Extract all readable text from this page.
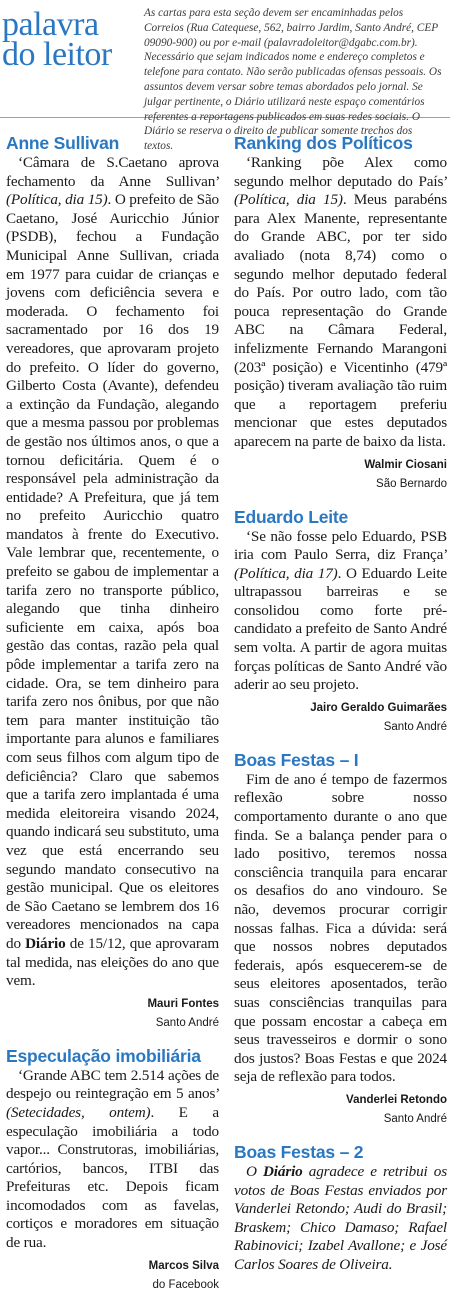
palavra
do leitor
As cartas para esta seção devem ser encaminhadas pelos Correios (Rua Catequese, 562, bairro Jardim, Santo André, CEP 09090-900) ou por e-mail (palavradoleitor@dgabc.com.br). Necessário que sejam indicados nome e endereço completos e telefone para contato. Não serão publicadas ofensas pessoais. Os assuntos devem versar sobre temas abordados pelo jornal. Se julgar pertinente, o Diário utilizará neste espaço comentários referentes a reportagens publicados em suas redes sociais. O Diário se reserva o direito de publicar somente trechos dos textos.
Anne Sullivan

‘Câmara de S.Caetano aprova fechamento da Anne Sullivan’ (Política, dia 15). O prefeito de São Caetano, José Auricchio Júnior (PSDB), fechou a Fundação Municipal Anne Sullivan, criada em 1977 para cuidar de crianças e jovens com deficiência severa e moderada. O fechamento foi sacramentado por 16 dos 19 vereadores, que aprovaram projeto do prefeito. O líder do governo, Gilberto Costa (Avante), defendeu a extinção da Fundação, alegando que a mesma passou por problemas de gestão nos últimos anos, o que a tornou deficitária. Quem é o responsável pela administração da entidade? A Prefeitura, que já tem no prefeito Auricchio quatro mandatos à frente do Executivo. Vale lembrar que, recentemente, o prefeito se gabou de implementar a tarifa zero no transporte público, alegando que tinha dinheiro suficiente em caixa, após boa gestão das contas, razão pela qual pôde implementar a tarifa zero na cidade. Ora, se tem dinheiro para tarifa zero nos ônibus, por que não tem para manter instituição tão importante para alunos e familiares com seus filhos com algum tipo de deficiência? Claro que sabemos que a tarifa zero implantada é uma medida eleitoreira visando 2024, quando indicará seu substituto, uma vez que está encerrando seu segundo mandato consecutivo na gestão municipal. Que os eleitores de São Caetano se lembrem dos 16 vereadores mencionados na capa do Diário de 15/12, que aprovaram tal medida, nas eleições do ano que vem.

Mauri Fontes
Santo André
Especulação imobiliária

‘Grande ABC tem 2.514 ações de despejo ou reintegração em 5 anos’ (Setecidades, ontem). E a especulação imobiliária a todo vapor... Construtoras, imobiliárias, cartórios, bancos, ITBI das Prefeituras etc. Depois ficam incomodados com as favelas, cortiços e moradores em situação de rua.

Marcos Silva
do Facebook
Ranking dos Políticos

‘Ranking põe Alex como segundo melhor deputado do País’ (Política, dia 15). Meus parabéns para Alex Manente, representante do Grande ABC, por ter sido avaliado (nota 8,74) como o segundo melhor deputado federal do País. Por outro lado, com tão pouca representação do Grande ABC na Câmara Federal, infelizmente Fernando Marangoni (203ª posição) e Vicentinho (479ª posição) tiveram avaliação tão ruim que a reportagem preferiu mencionar que estes deputados aparecem na parte de baixo da lista.

Walmir Ciosani
São Bernardo
Eduardo Leite

‘Se não fosse pelo Eduardo, PSB iria com Paulo Serra, diz França’ (Política, dia 17). O Eduardo Leite ultrapassou barreiras e se consolidou como forte pré-candidato a prefeito de Santo André sem volta. A partir de agora muitas forças políticas de Santo André vão aderir ao seu projeto.

Jairo Geraldo Guimarães
Santo André
Boas Festas – I

Fim de ano é tempo de fazermos reflexão sobre nosso comportamento durante o ano que finda. Se a balança pender para o lado positivo, teremos nossa consciência tranquila para encarar os desafios do ano vindouro. Se não, devemos procurar corrigir nossas falhas. Fica a dúvida: será que nossos nobres deputados federais, após esquecerem-se de seus eleitores aposentados, terão suas consciências tranquilas para que possam encostar a cabeça em seus travesseiros e dormir o sono dos justos? Boas Festas e que 2024 seja de reflexão para todos.

Vanderlei Retondo
Santo André
Boas Festas – 2

O Diário agradece e retribui os votos de Boas Festas enviados por Vanderlei Retondo; Audi do Brasil; Braskem; Chico Damaso; Rafael Rabinovici; Izabel Avallone; e José Carlos Soares de Oliveira.
